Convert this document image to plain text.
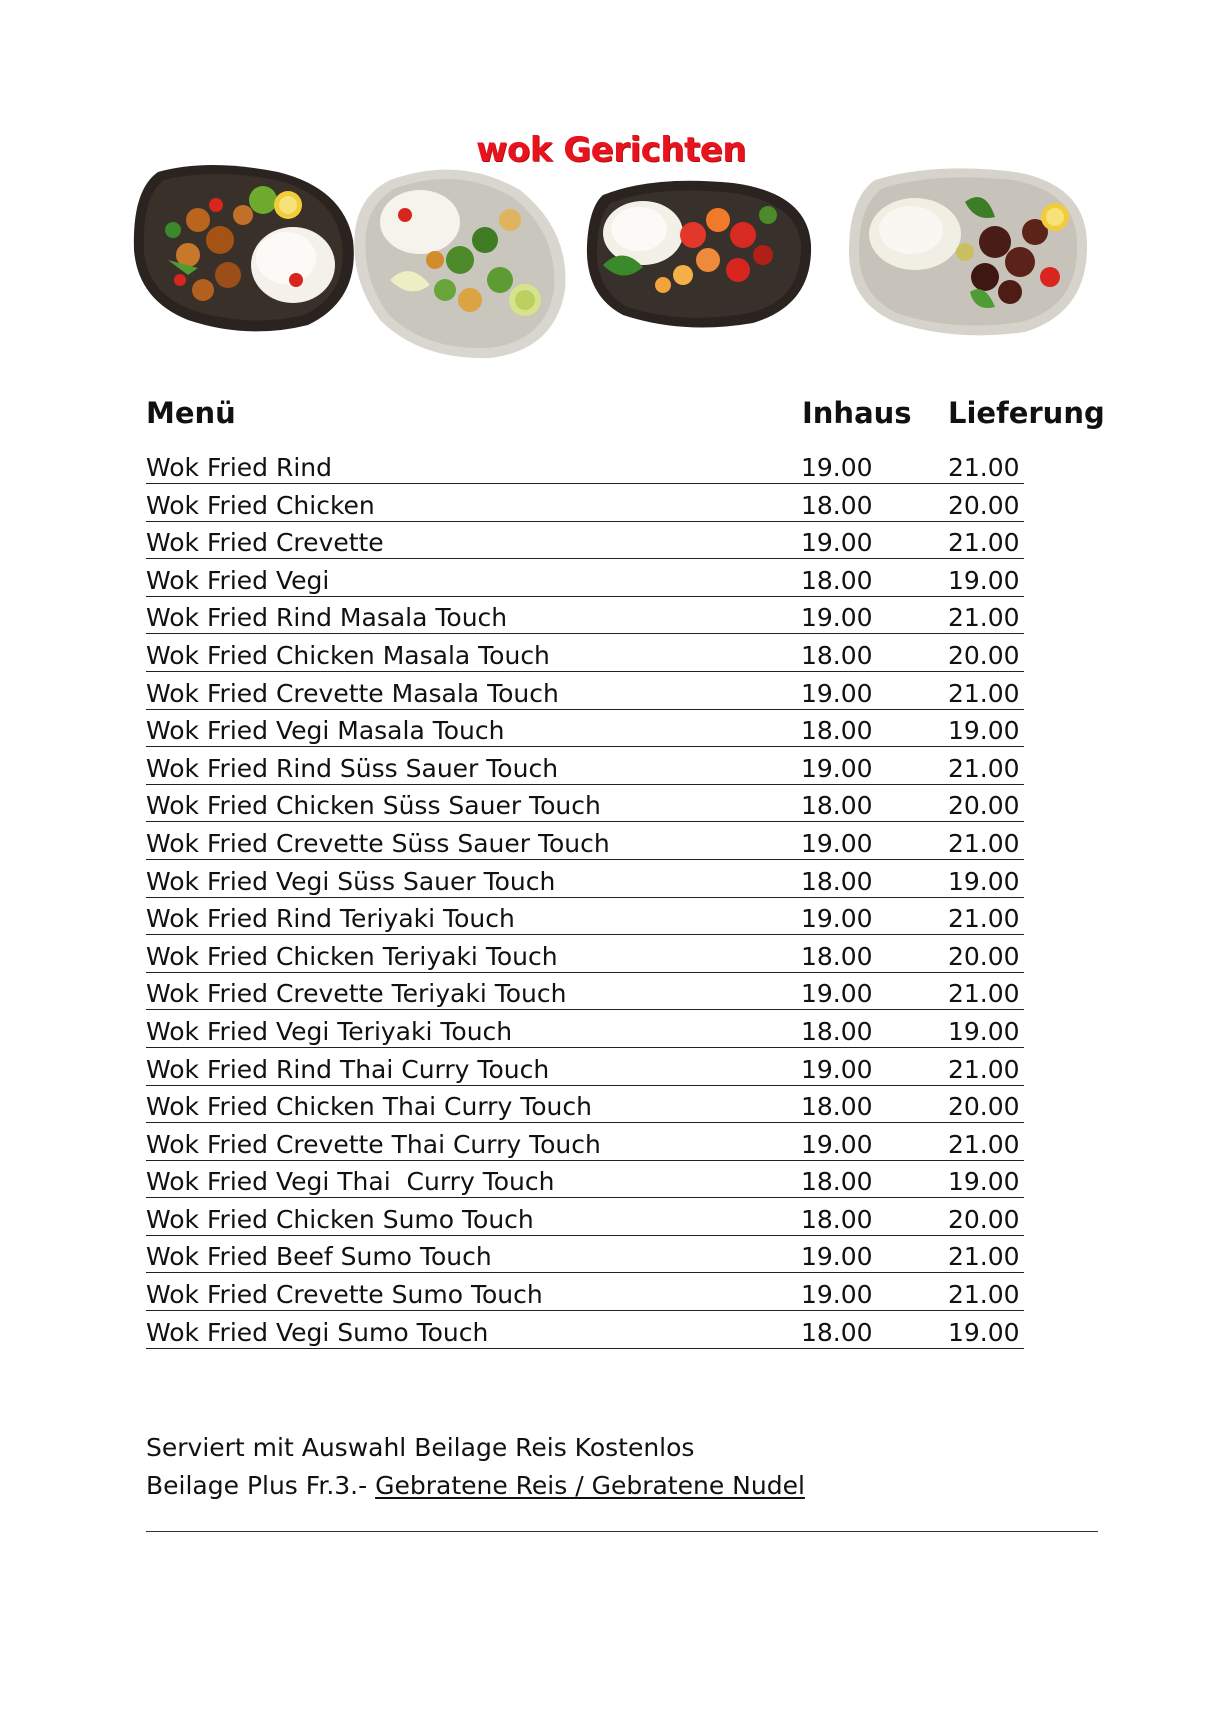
wok Gerichten
Menü	Inhaus Lieferung
Wok Fried Rind	19.00	21.00
Wok Fried Chicken	18.00	20.00
Wok Fried Crevette	19.00	21.00
Wok Fried Vegi	18.00	19.00
Wok Fried Rind Masala Touch	19.00	21.00
Wok Fried Chicken Masala Touch	18.00	20.00
Wok Fried Crevette Masala Touch	19.00	21.00
Wok Fried Vegi Masala Touch	18.00	19.00
Wok Fried Rind Süss Sauer Touch	19.00	21.00
Wok Fried Chicken Süss Sauer Touch	18.00	20.00
Wok Fried Crevette Süss Sauer Touch	19.00	21.00
Wok Fried Vegi Süss Sauer Touch	18.00	19.00
Wok Fried Rind Teriyaki Touch	19.00	21.00
Wok Fried Chicken Teriyaki Touch	18.00	20.00
Wok Fried Crevette Teriyaki Touch	19.00	21.00
Wok Fried Vegi Teriyaki Touch	18.00	19.00
Wok Fried Rind Thai Curry Touch	19.00	21.00
Wok Fried Chicken Thai Curry Touch	18.00	20.00
Wok Fried Crevette Thai Curry Touch	19.00	21.00
Wok Fried Vegi Thai  Curry Touch	18.00	19.00
Wok Fried Chicken Sumo Touch	18.00	20.00
Wok Fried Beef Sumo Touch	19.00	21.00
Wok Fried Crevette Sumo Touch	19.00	21.00
Wok Fried Vegi Sumo Touch	18.00	19.00
Serviert mit Auswahl Beilage Reis Kostenlos
Beilage Plus Fr.3.- Gebratene Reis / Gebratene Nudel
